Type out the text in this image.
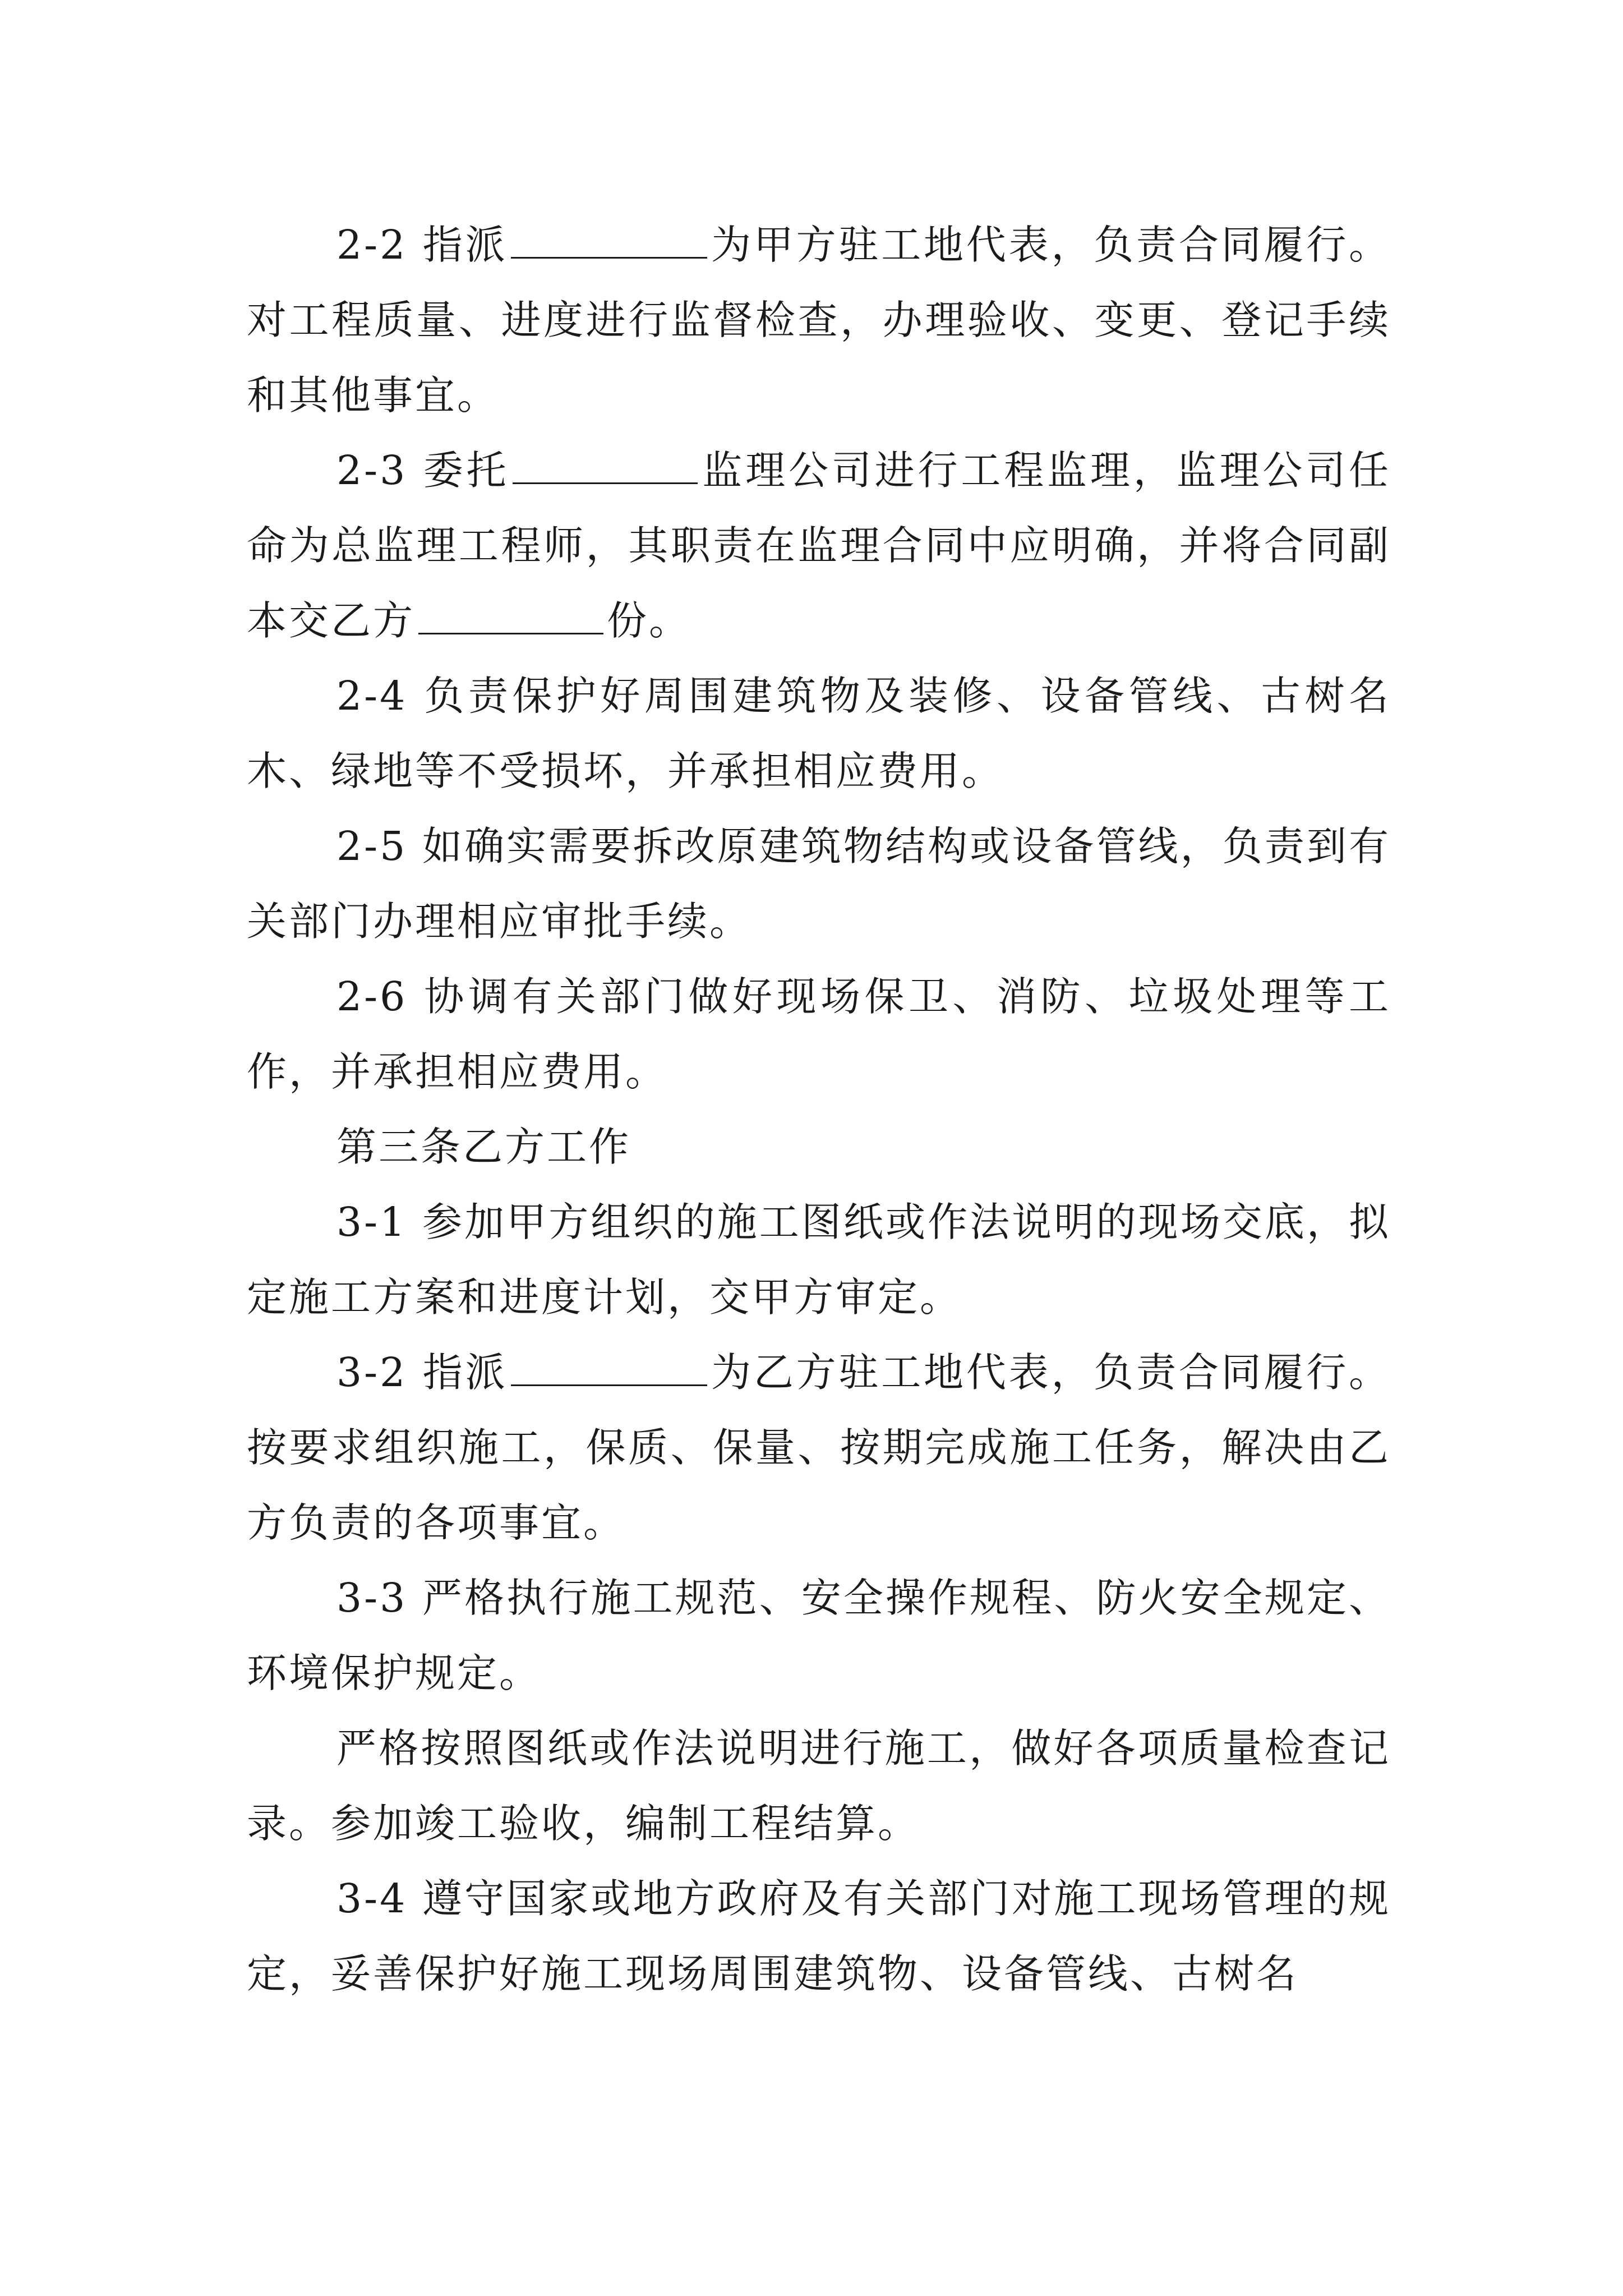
2-2 指派	为甲方驻工地代表，负责合同履行。对工程质量、进度进行监督检查，办理验收、变更、登记手续和其他事宜。

2-3 委托	监理公司进行工程监理，监理公司任命为总监理工程师，其职责在监理合同中应明确，并将合同副本交乙方	份。

2-4 负责保护好周围建筑物及装修、设备管线、古树名木、绿地等不受损坏，并承担相应费用。

2-5 如确实需要拆改原建筑物结构或设备管线，负责到有关部门办理相应审批手续。

2-6 协调有关部门做好现场保卫、消防、垃圾处理等工作，并承担相应费用。

第三条乙方工作

3-1 参加甲方组织的施工图纸或作法说明的现场交底，拟定施工方案和进度计划，交甲方审定。

3-2 指派	为乙方驻工地代表，负责合同履行。按要求组织施工，保质、保量、按期完成施工任务，解决由乙方负责的各项事宜。

3-3 严格执行施工规范、安全操作规程、防火安全规定、环境保护规定。

严格按照图纸或作法说明进行施工，做好各项质量检查记录。参加竣工验收，编制工程结算。

3-4 遵守国家或地方政府及有关部门对施工现场管理的规定，妥善保护好施工现场周围建筑物、设备管线、古树名
